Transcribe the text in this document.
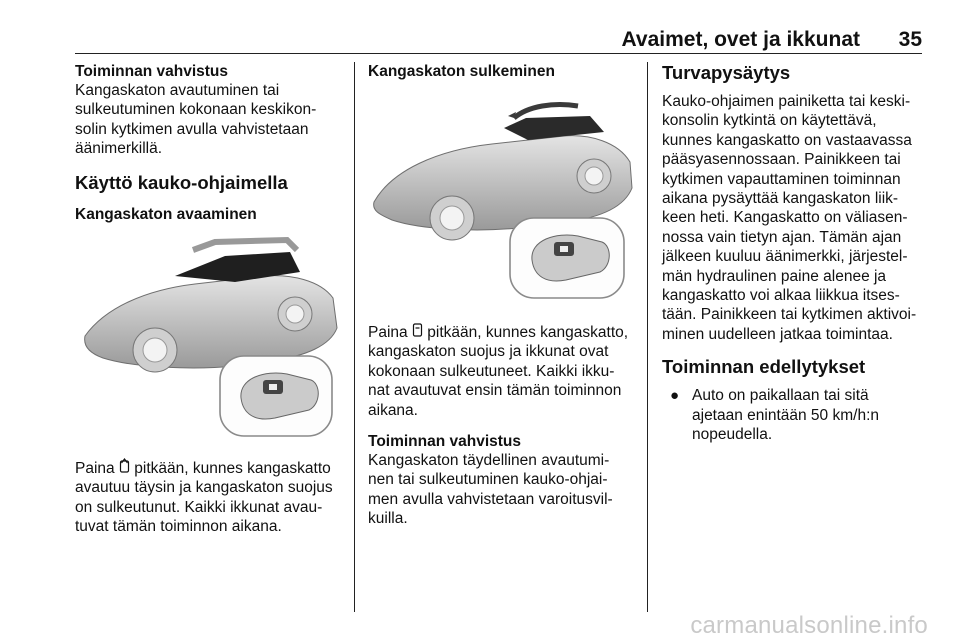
Avaimet, ovet ja ikkunat 35
Toiminnan vahvistus
Kangaskaton avautuminen tai
sulkeutuminen kokonaan keskikon-
solin kytkimen avulla vahvistetaan
äänimerkillä.
Käyttö kauko-ohjaimella
Kangaskaton avaaminen
Paina pitkään, kunnes kangaskatto
avautuu täysin ja kangaskaton suojus
on sulkeutunut. Kaikki ikkunat avau-
tuvat tämän toiminnon aikana.
Kangaskaton sulkeminen
Paina pitkään, kunnes kangaskatto,
kangaskaton suojus ja ikkunat ovat
kokonaan sulkeutuneet. Kaikki ikku-
nat avautuvat ensin tämän toiminnon
aikana.
Toiminnan vahvistus
Kangaskaton täydellinen avautumi-
nen tai sulkeutuminen kauko-ohjai-
men avulla vahvistetaan varoitusvil-
kuilla.
Turvapysäytys
Kauko-ohjaimen painiketta tai keski-
konsolin kytkintä on käytettävä,
kunnes kangaskatto on vastaavassa
pääsyasennossaan. Painikkeen tai
kytkimen vapauttaminen toiminnan
aikana pysäyttää kangaskaton liik-
keen heti. Kangaskatto on väliasen-
nossa vain tietyn ajan. Tämän ajan
jälkeen kuuluu äänimerkki, järjestel-
män hydraulinen paine alenee ja
kangaskatto voi alkaa liikkua itses-
tään. Painikkeen tai kytkimen aktivoi-
minen uudelleen jatkaa toimintaa.
Toiminnan edellytykset
● Auto on paikallaan tai sitä
ajetaan enintään 50 km/h:n
nopeudella.
carmanualsonline.info
